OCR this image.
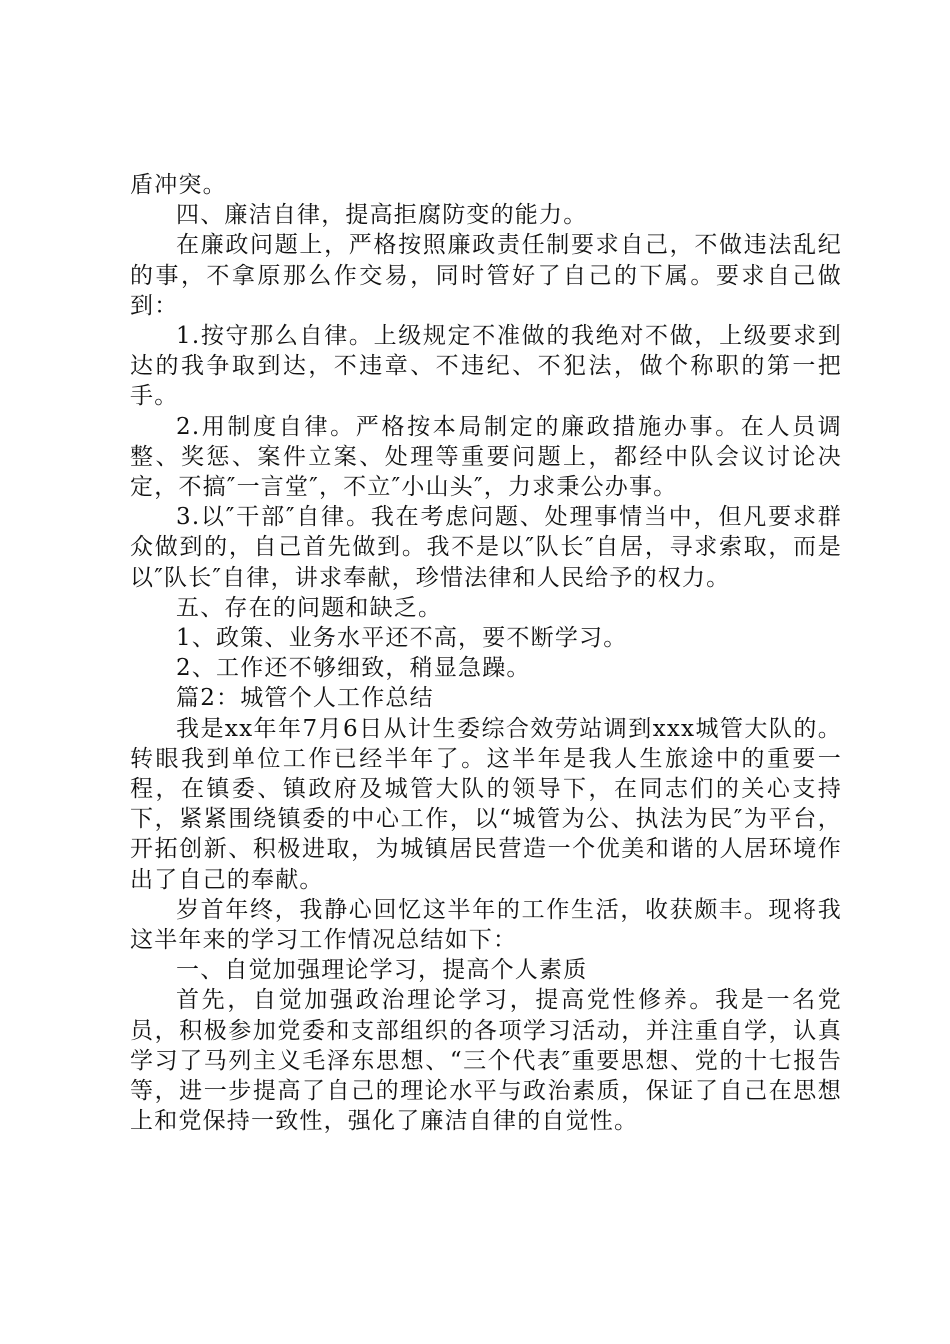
盾冲突。

四、廉洁自律，提高拒腐防变的能力。

在廉政问题上，严格按照廉政责任制要求自己，不做违法乱纪的事，不拿原那么作交易，同时管好了自己的下属。要求自己做到：

1.按守那么自律。上级规定不准做的我绝对不做，上级要求到达的我争取到达，不违章、不违纪、不犯法，做个称职的第一把手。

2.用制度自律。严格按本局制定的廉政措施办事。在人员调整、奖惩、案件立案、处理等重要问题上，都经中队会议讨论决定，不搞″一言堂″，不立″小山头″，力求秉公办事。

3.以″干部″自律。我在考虑问题、处理事情当中，但凡要求群众做到的，自己首先做到。我不是以″队长″自居，寻求索取，而是以″队长″自律，讲求奉献，珍惜法律和人民给予的权力。

五、存在的问题和缺乏。

1、政策、业务水平还不高，要不断学习。

2、工作还不够细致，稍显急躁。

篇2：城管个人工作总结

我是xx年年7月6日从计生委综合效劳站调到xxx城管大队的。转眼我到单位工作已经半年了。这半年是我人生旅途中的重要一程，在镇委、镇政府及城管大队的领导下，在同志们的关心支持下，紧紧围绕镇委的中心工作，以“城管为公、执法为民″为平台，开拓创新、积极进取，为城镇居民营造一个优美和谐的人居环境作出了自己的奉献。

岁首年终，我静心回忆这半年的工作生活，收获颇丰。现将我这半年来的学习工作情况总结如下：

一、自觉加强理论学习，提高个人素质

首先，自觉加强政治理论学习，提高党性修养。我是一名党员，积极参加党委和支部组织的各项学习活动，并注重自学，认真学习了马列主义毛泽东思想、“三个代表″重要思想、党的十七报告等，进一步提高了自己的理论水平与政治素质，保证了自己在思想上和党保持一致性，强化了廉洁自律的自觉性。
